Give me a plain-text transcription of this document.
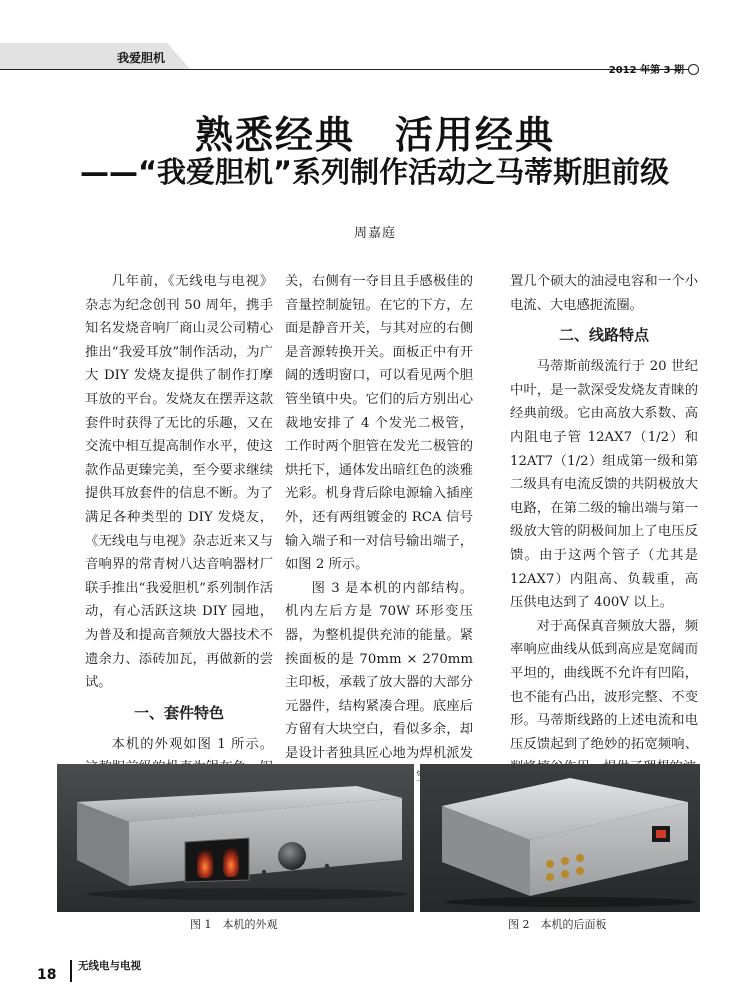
我爱胆机
2012 年第 3 期
熟悉经典　活用经典
——“我爱胆机”系列制作活动之马蒂斯胆前级
周嘉庭

几年前，《无线电与电视》杂志为纪念创刊 50 周年，携手知名发烧音响厂商山灵公司精心推出“我爱耳放”制作活动，为广大 DIY 发烧友提供了制作打摩耳放的平台。发烧友在摆弄这款套件时获得了无比的乐趣，又在交流中相互提高制作水平，使这款作品更臻完美，至今要求继续提供耳放套件的信息不断。为了满足各种类型的 DIY 发烧友，《无线电与电视》杂志近来又与音响界的常青树八达音响器材厂联手推出“我爱胆机”系列制作活动，有心活跃这块 DIY 园地，为普及和提高音频放大器技术不遗余力、添砖加瓦，再做新的尝试。

一、套件特色

本机的外观如图 1 所示。

关，右侧有一夺目且手感极佳的音量控制旋钮。在它的下方，左面是静音开关，与其对应的右侧是音源转换开关。面板正中有开阔的透明窗口，可以看见两个胆管坐镇中央。它们的后方别出心裁地安排了 4 个发光二极管，工作时两个胆管在发光二极管的烘托下，通体发出暗红色的淡雅光彩。机身背后除电源输入插座外，还有两组镀金的 RCA 信号输入端子和一对信号输出端子，如图 2 所示。

图 3 是本机的内部结构。机内左后方是 70W 环形变压器，为整机提供充沛的能量。紧挨面板的是 70mm × 270mm 主印板，承载了放大器的大部分元器件，结构紧凑合理。底座后方留有大块空白，看似多余，却是设计者独具匠心地为焊机派发

置几个硕大的油浸电容和一个小电流、大电感扼流圈。

二、线路特点

马蒂斯前级流行于 20 世纪中叶，是一款深受发烧友青睐的经典前级。它由高放大系数、高内阻电子管 12AX7（1/2）和 12AT7（1/2）组成第一级和第二级具有电流反馈的共阴极放大电路，在第二级的输出端与第一级放大管的阴极间加上了电压反馈。由于这两个管子（尤其是 12AX7）内阻高、负载重，高压供电达到了 400V 以上。

对于高保真音频放大器，频率响应曲线从低到高应是宽阔而平坦的，曲线既不允许有凹陷，也不能有凸出，波形完整、不变形。马蒂斯线路的上述电流和电压反馈起到了绝妙的拓宽频响、

图 1　本机的外观	图 2　本机的后面板
18
无线电与电视
